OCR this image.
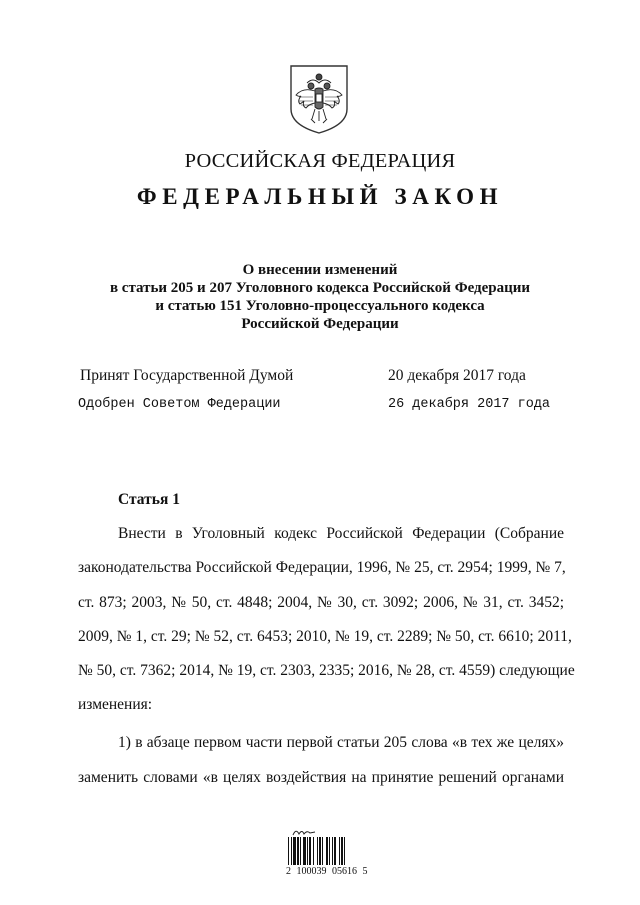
РОССИЙСКАЯ ФЕДЕРАЦИЯ
ФЕДЕРАЛЬНЫЙ ЗАКОН
О внесении изменений
в статьи 205 и 207 Уголовного кодекса Российской Федерации
и статью 151 Уголовно-процессуального кодекса
Российской Федерации
Принят Государственной Думой	20 декабря 2017 года
Одобрен Советом Федерации	26 декабря 2017 года
Статья 1
Внести в Уголовный кодекс Российской Федерации (Собрание
законодательства Российской Федерации, 1996, № 25, ст. 2954; 1999, № 7,
ст. 873; 2003, № 50, ст. 4848; 2004, № 30, ст. 3092; 2006, № 31, ст. 3452;
2009, № 1, ст. 29; № 52, ст. 6453; 2010, № 19, ст. 2289; № 50, ст. 6610; 2011,
№ 50, ст. 7362; 2014, № 19, ст. 2303, 2335; 2016, № 28, ст. 4559) следующие
изменения:
1) в абзаце первом части первой статьи 205 слова «в тех же целях»
заменить словами «в целях воздействия на принятие решений органами
2 100039 05616 5
